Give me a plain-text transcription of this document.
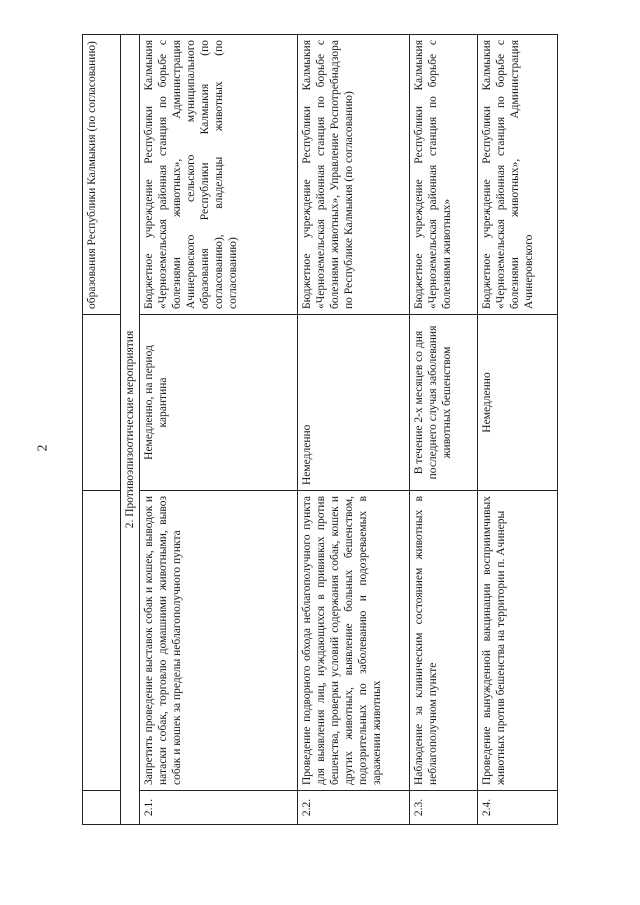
2
			образования Республики Калмыкия (по согласованию)
2. Противоэпизоотические мероприятия			
2.1.	Запретить проведение выставок собак и кошек, выводок и натаски собак, торговлю домашними животными, вывоз собак и кошек за пределы неблагополучного пункта	Немедленно, на период карантина	Бюджетное учреждение Республики Калмыкия «Черноземельская районная станция по борьбе с болезнями животных», Администрация Ачинеровского сельского муниципального образования Республики Калмыкия (по согласованию), владельцы животных (по согласованию)
2.2.	Проведение подворного обхода неблагополучного пункта для выявления лиц, нуждающихся в прививках против бешенства, проверки условий содержания собак, кошек и других животных, выявление больных бешенством, подозрительных по заболеванию и подозреваемых в заражении животных	Немедленно	Бюджетное учреждение Республики Калмыкия «Черноземельская районная станция по борьбе с болезнями животных», Управление Роспотребнадзора по Республике Калмыкия (по согласованию)
2.3.	Наблюдение за клиническим состоянием животных в неблагополучном пункте	В течение 2-х месяцев со дня последнего случая заболевания животных бешенством	Бюджетное учреждение Республики Калмыкия «Черноземельская районная станция по борьбе с болезнями животных»
2.4.	Проведение вынужденной вакцинации восприимчивых животных против бешенства на территории п. Ачинеры	Немедленно	Бюджетное учреждение Республики Калмыкия «Черноземельская районная станция по борьбе с болезнями животных», Администрация Ачинеровского
